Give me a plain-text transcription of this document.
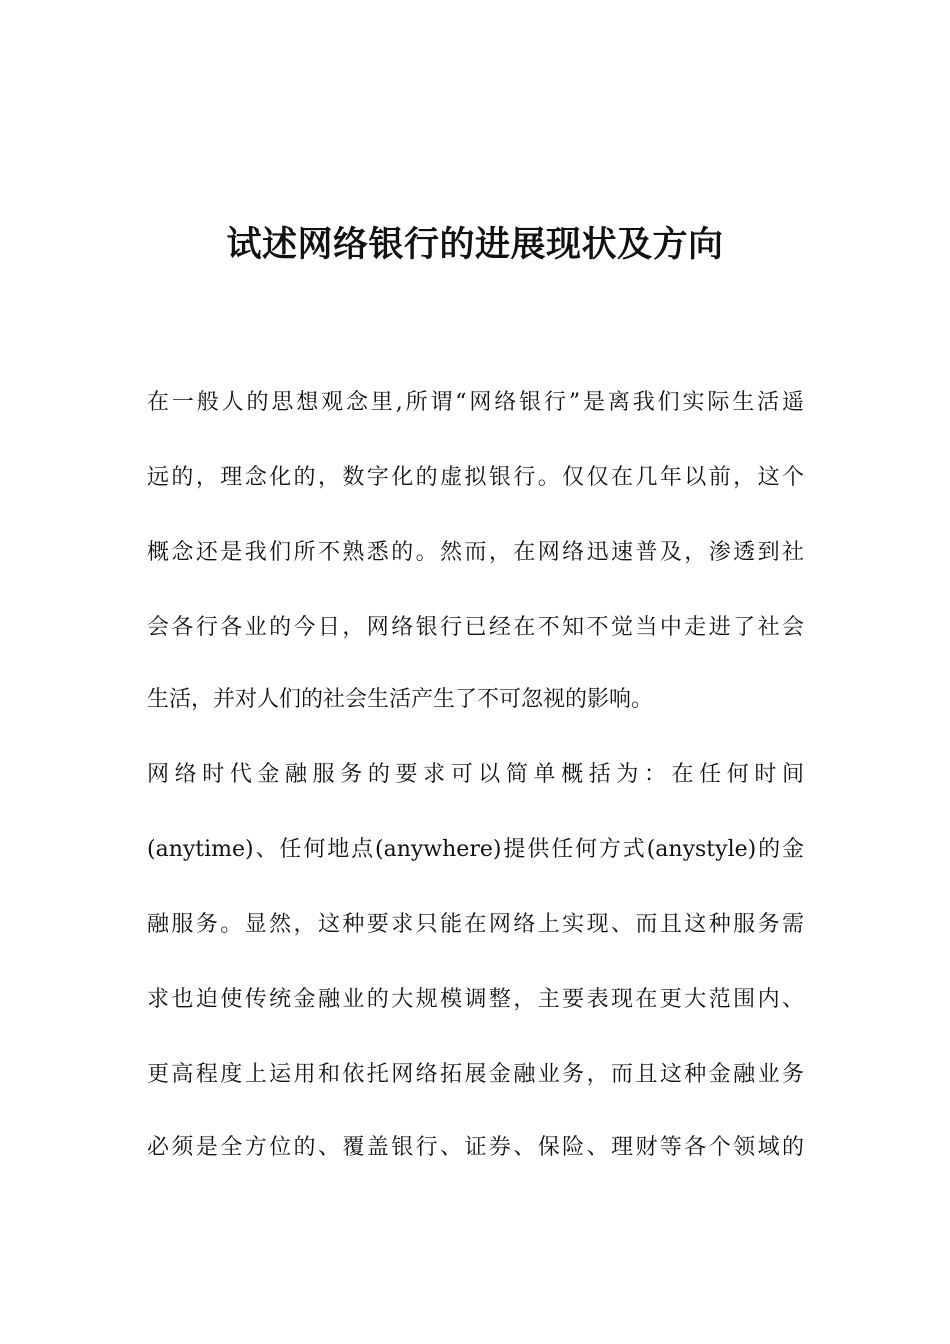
试述网络银行的进展现状及方向
在一般人的思想观念里,所谓“网络银行”是离我们实际生活遥
远的，理念化的，数字化的虚拟银行。仅仅在几年以前，这个
概念还是我们所不熟悉的。然而，在网络迅速普及，渗透到社
会各行各业的今日，网络银行已经在不知不觉当中走进了社会
生活，并对人们的社会生活产生了不可忽视的影响。
网络时代金融服务的要求可以简单概括为：在任何时间
(anytime)、任何地点(anywhere)提供任何方式(anystyle)的金
融服务。显然，这种要求只能在网络上实现、而且这种服务需
求也迫使传统金融业的大规模调整，主要表现在更大范围内、
更高程度上运用和依托网络拓展金融业务，而且这种金融业务
必须是全方位的、覆盖银行、证券、保险、理财等各个领域的
